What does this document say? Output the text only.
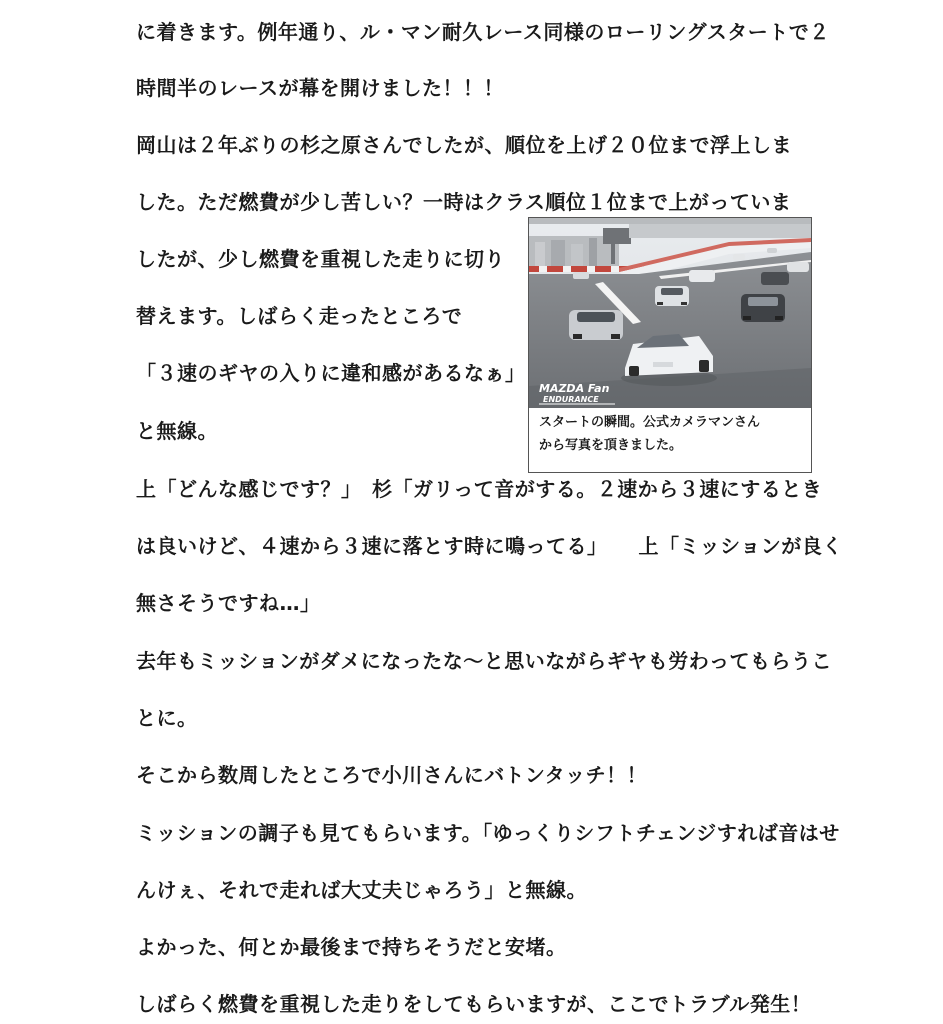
に着きます。例年通り、ル・マン耐久レース同様のローリングスタートで２
時間半のレースが幕を開けました！！！
岡山は２年ぶりの杉之原さんでしたが、順位を上げ２０位まで浮上しま
した。ただ燃費が少し苦しい？一時はクラス順位１位まで上がっていま
したが、少し燃費を重視した走りに切り
替えます。しばらく走ったところで
「３速のギヤの入りに違和感があるなぁ」
と無線。
上「どんな感じです？」　杉「ガリって音がする。２速から３速にするとき
は良いけど、４速から３速に落とす時に鳴ってる」　　上「ミッションが良く
無さそうですね…」
去年もミッションがダメになったな～と思いながらギヤも労わってもらうこ
とに。
そこから数周したところで小川さんにバトンタッチ！！
ミッションの調子も見てもらいます。「ゆっくりシフトチェンジすれば音はせ
んけぇ、それで走れば大丈夫じゃろう」と無線。
よかった、何とか最後まで持ちそうだと安堵。
しばらく燃費を重視した走りをしてもらいますが、ここでトラブル発生！
MAZDA Fan
ENDURANCE
スタートの瞬間。公式カメラマンさん
から写真を頂きました。
